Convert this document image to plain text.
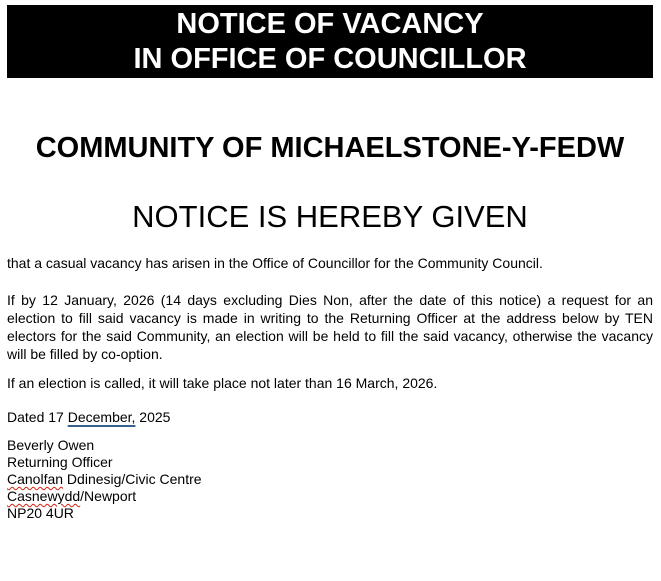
NOTICE OF VACANCY
IN OFFICE OF COUNCILLOR
COMMUNITY OF MICHAELSTONE-Y-FEDW
NOTICE IS HEREBY GIVEN

that a casual vacancy has arisen in the Office of Councillor for the Community Council.

If by 12 January, 2026 (14 days excluding Dies Non, after the date of this notice) a request for an election to fill said vacancy is made in writing to the Returning Officer at the address below by TEN electors for the said Community, an election will be held to fill the said vacancy, otherwise the vacancy will be filled by co-option.

If an election is called, it will take place not later than 16 March, 2026.

Dated 17 December, 2025

Beverly Owen
Returning Officer
Canolfan Ddinesig/Civic Centre
Casnewydd/Newport
NP20 4UR
